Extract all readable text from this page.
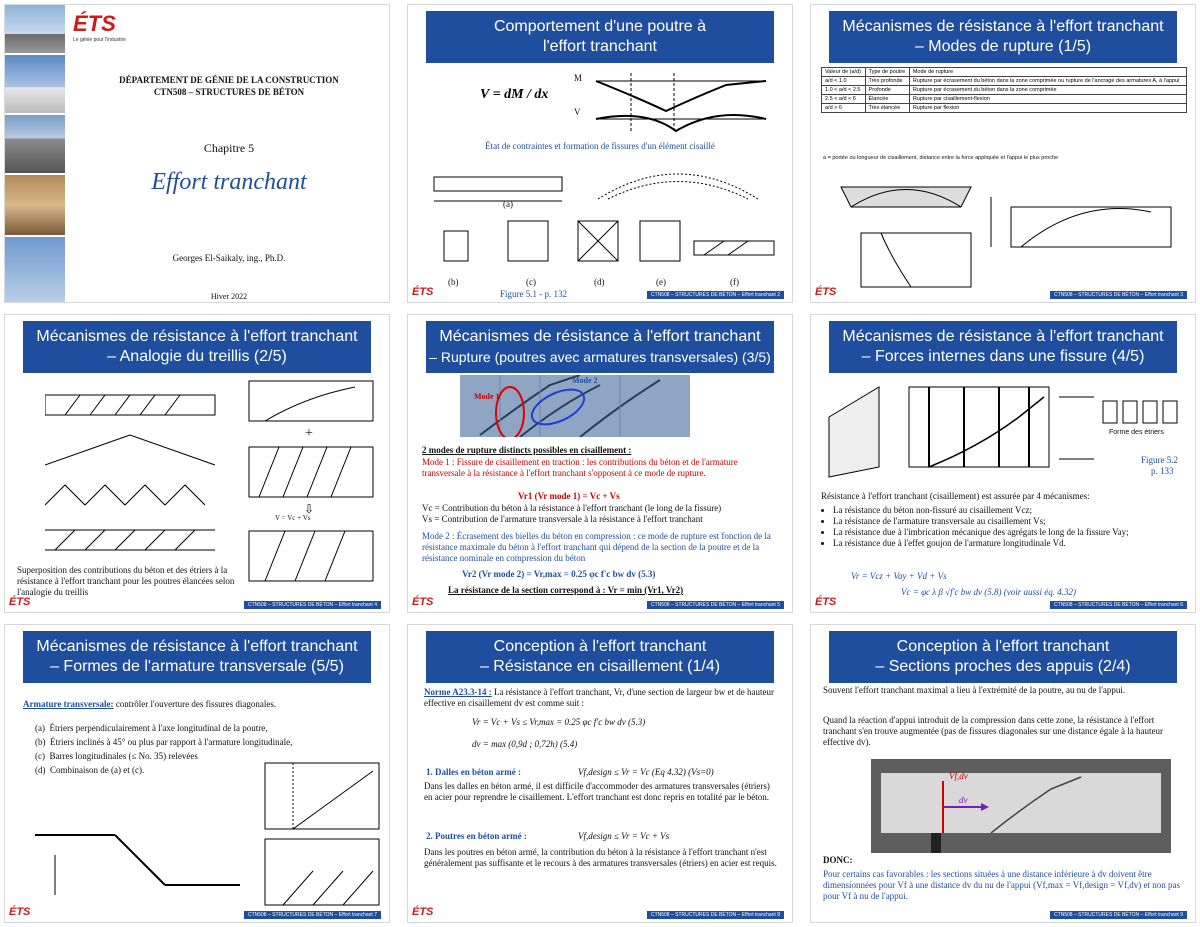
ÉTS
Le génie pour l'industrie
DÉPARTEMENT DE GÉNIE DE LA CONSTRUCTION
CTN508 – STRUCTURES DE BÉTON
Chapitre 5
Effort tranchant
Georges El-Saikaly, ing., Ph.D.
Hiver 2022
Comportement d'une poutre à
l'effort tranchant
V = dM / dx
M
V
État de contraintes et formation de fissures d'un élément cisaillé
(a)
(b)	(c)	(d)	(e)	(f)
Figure 5.1 - p. 132
ÉTS	CTN508 – STRUCTURES DE BÉTON – Effort tranchant 2
Mécanismes de résistance à l'effort tranchant
– Modes de rupture (1/5)
Valeur de (a/d)	Type de poutre	Mode de rupture
a/d < 1.0	Très profonde	Rupture par écrasement du béton dans la zone comprimée ou rupture de l'ancrage des armatures A, à l'appui
1.0 < a/d < 2.5	Profonde	Rupture par écrasement du béton dans la zone comprimée
2.5 < a/d < 6	Élancée	Rupture par cisaillement-flexion
a/d > 6	Très élancée	Rupture par flexion
a = portée ou longueur de cisaillement, distance entre la force appliquée et l'appui le plus proche
ÉTS	CTN508 – STRUCTURES DE BÉTON – Effort tranchant 3
Mécanismes de résistance à l'effort tranchant
– Analogie du treillis (2/5)
+
⇩
V = Vc + Vs
Superposition des contributions du béton et des étriers à la résistance à l'effort tranchant pour les poutres élancées selon l'analogie du treillis
ÉTS	CTN508 – STRUCTURES DE BÉTON – Effort tranchant 4
Mécanismes de résistance à l'effort tranchant
– Rupture (poutres avec armatures transversales) (3/5)
Mode 1
Mode 2
2 modes de rupture distincts possibles en cisaillement :
Mode 1 : Fissure de cisaillement en traction : les contributions du béton et de l'armature transversale à la résistance à l'effort tranchant s'opposent à ce mode de rupture.
Vr1 (Vr mode 1) = Vc + Vs
Vc = Contribution du béton à la résistance à l'effort tranchant (le long de la fissure)
Vs = Contribution de l'armature transversale à la résistance à l'effort tranchant
Mode 2 : Écrasement des bielles du béton en compression : ce mode de rupture est fonction de la résistance maximale du béton à l'effort tranchant qui dépend de la section de la poutre et de la résistance nominale en compression du béton
Vr2 (Vr mode 2) = Vr,max = 0.25 φc f'c bw dv (5.3)
La résistance de la section correspond à : Vr = min (Vr1, Vr2)
ÉTS	CTN508 – STRUCTURES DE BÉTON – Effort tranchant 5
Mécanismes de résistance à l'effort tranchant
– Forces internes dans une fissure (4/5)
Forme des étriers
Figure 5.2
p. 133
Résistance à l'effort tranchant (cisaillement) est assurée par 4 mécanismes:
• La résistance du béton non-fissuré au cisaillement Vcz;
• La résistance de l'armature transversale au cisaillement Vs;
• La résistance due à l'imbrication mécanique des agrégats le long de la fissure Vay;
• La résistance due à l'effet goujon de l'armature longitudinale Vd.
Vr = Vcz + Vay + Vd + Vs
Vc = φc λ β √f'c bw dv (5.8) (voir aussi éq. 4.32)
ÉTS	CTN508 – STRUCTURES DE BÉTON – Effort tranchant 6
Mécanismes de résistance à l'effort tranchant
– Formes de l'armature transversale (5/5)
Armature transversale: contrôler l'ouverture des fissures diagonales.
(a) Étriers perpendiculairement à l'axe longitudinal de la poutre,
(b) Étriers inclinés à 45° ou plus par rapport à l'armature longitudinale,
(c) Barres longitudinales (≤ No. 35) relevées
(d) Combinaison de (a) et (c).
ÉTS	CTN508 – STRUCTURES DE BÉTON – Effort tranchant 7
Conception à l'effort tranchant
– Résistance en cisaillement (1/4)
Norme A23.3-14 : La résistance à l'effort tranchant, Vr, d'une section de largeur bw et de hauteur effective en cisaillement dv est comme suit :
Vr = Vc + Vs ≤ Vr,max = 0.25 φc f'c bw dv (5.3)
dv = max (0,9d ; 0,72h) (5.4)
1. Dalles en béton armé :	Vf,design ≤ Vr = Vc (Eq 4.32) (Vs=0)
Dans les dalles en béton armé, il est difficile d'accommoder des armatures transversales (étriers) en acier pour reprendre le cisaillement. L'effort tranchant est donc repris en totalité par le béton.
2. Poutres en béton armé :	Vf,design ≤ Vr = Vc + Vs
Dans les poutres en béton armé, la contribution du béton à la résistance à l'effort tranchant n'est généralement pas suffisante et le recours à des armatures transversales (étriers) en acier est requis.
ÉTS	CTN508 – STRUCTURES DE BÉTON – Effort tranchant 8
Conception à l'effort tranchant
– Sections proches des appuis (2/4)
Souvent l'effort tranchant maximal a lieu à l'extrémité de la poutre, au nu de l'appui.
Quand la réaction d'appui introduit de la compression dans cette zone, la résistance à l'effort tranchant s'en trouve augmentée (pas de fissures diagonales sur une distance égale à la hauteur effective dv).
dv
Vf,dv
DONC:
Pour certains cas favorables : les sections situées à une distance inférieure à dv doivent être dimensionnées pour Vf à une distance dv du nu de l'appui (Vf,max = Vf,design = Vf,dv) et non pas pour Vf à nu de l'appui.
CTN508 – STRUCTURES DE BÉTON – Effort tranchant 9
